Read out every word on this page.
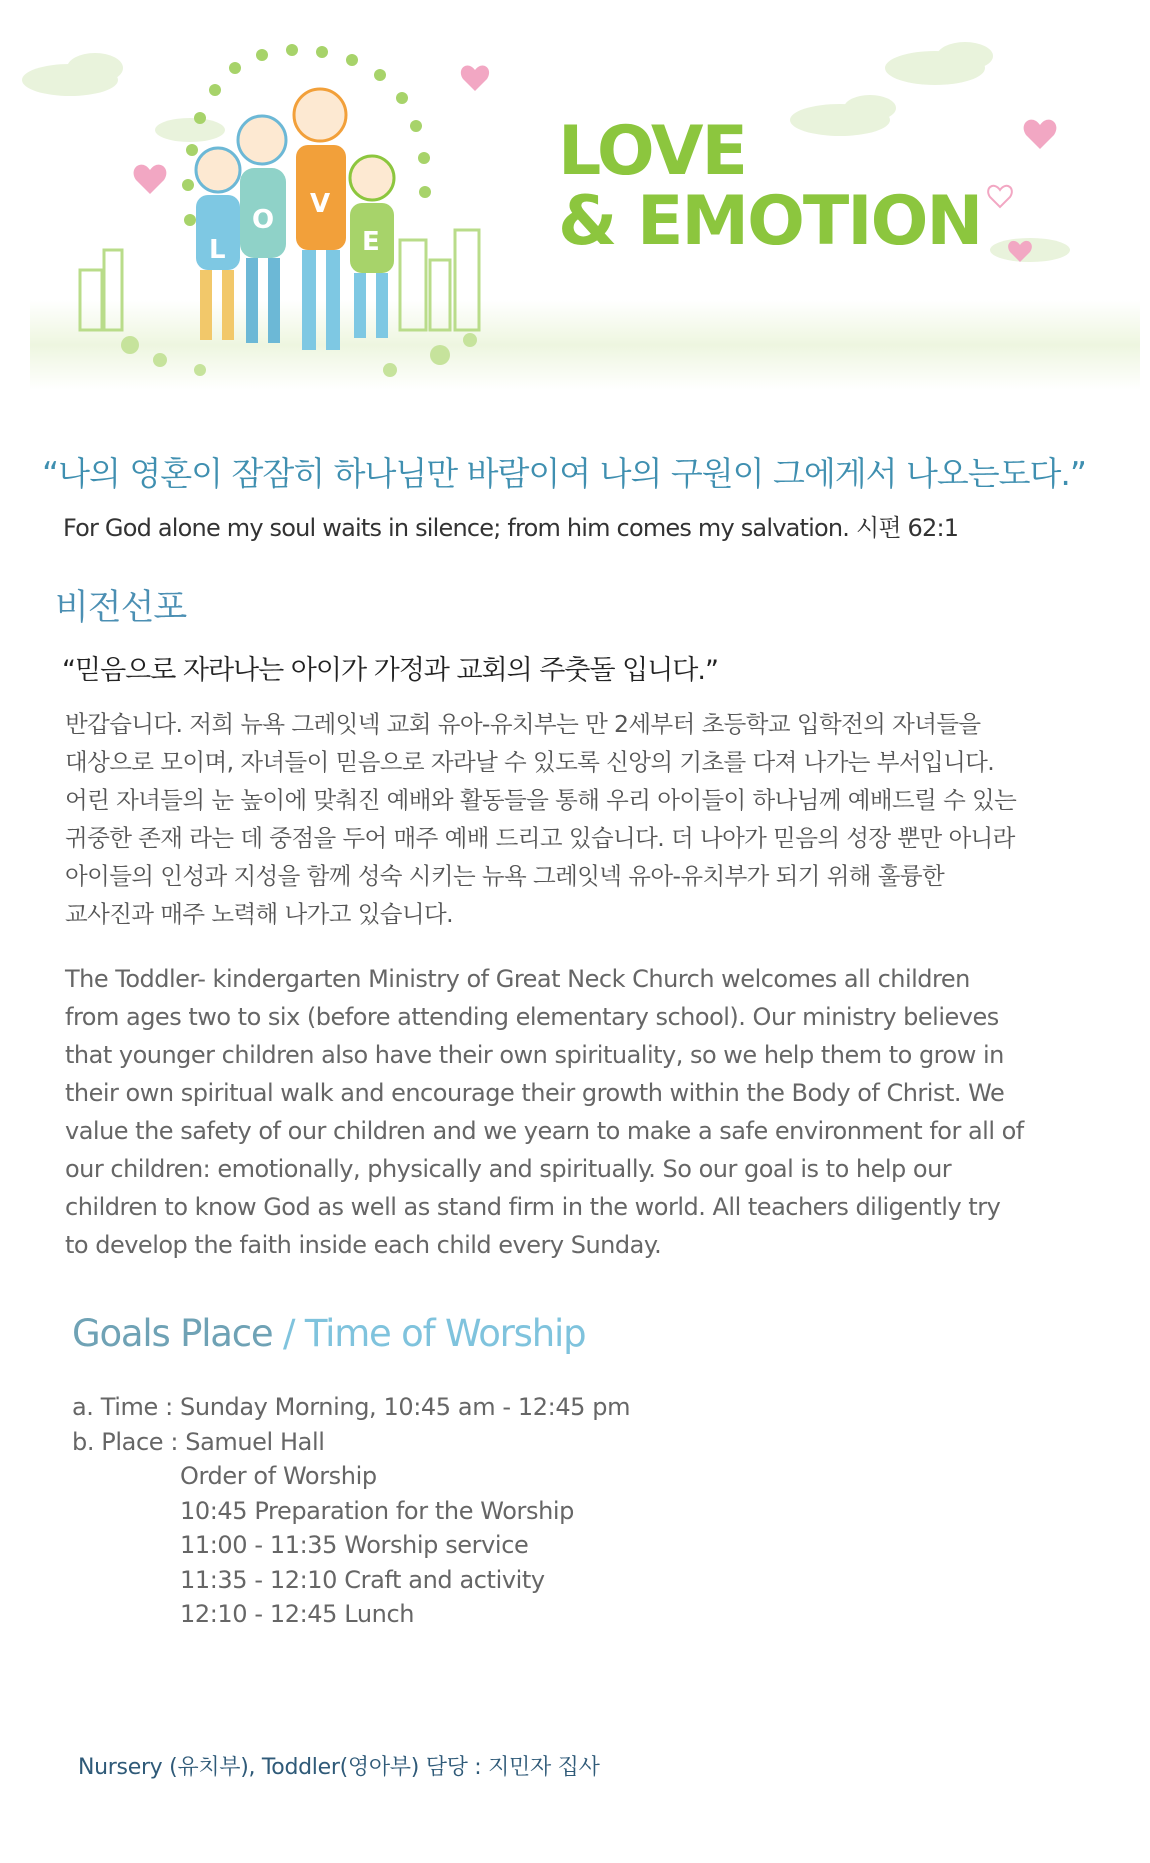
L
O
V
E
LOVE
& EMOTION
“나의 영혼이 잠잠히 하나님만 바람이여 나의 구원이 그에게서 나오는도다.”
For God alone my soul waits in silence; from him comes my salvation. 시편 62:1
비전선포
“믿음으로 자라나는 아이가 가정과 교회의 주춧돌 입니다.”
반갑습니다. 저희 뉴욕 그레잇넥 교회 유아-유치부는 만 2세부터 초등학교 입학전의 자녀들을
대상으로 모이며, 자녀들이 믿음으로 자라날 수 있도록 신앙의 기초를 다져 나가는 부서입니다.
어린 자녀들의 눈 높이에 맞춰진 예배와 활동들을 통해 우리 아이들이 하나님께 예배드릴 수 있는
귀중한 존재 라는 데 중점을 두어 매주 예배 드리고 있습니다. 더 나아가 믿음의 성장 뿐만 아니라
아이들의 인성과 지성을 함께 성숙 시키는 뉴욕 그레잇넥 유아-유치부가 되기 위해 훌륭한
교사진과 매주 노력해 나가고 있습니다.
The Toddler- kindergarten Ministry of Great Neck Church welcomes all children
from ages two to six (before attending elementary school). Our ministry believes
that younger children also have their own spirituality, so we help them to grow in
their own spiritual walk and encourage their growth within the Body of Christ. We
value the safety of our children and we yearn to make a safe environment for all of
our children: emotionally, physically and spiritually. So our goal is to help our
children to know God as well as stand firm in the world. All teachers diligently try
to develop the faith inside each child every Sunday.
Goals Place / Time of Worship
a. Time : Sunday Morning, 10:45 am - 12:45 pm
b. Place : Samuel Hall
Order of Worship
10:45 Preparation for the Worship
11:00 - 11:35 Worship service
11:35 - 12:10 Craft and activity
12:10 - 12:45 Lunch
Nursery (유치부), Toddler(영아부) 담당 : 지민자 집사
